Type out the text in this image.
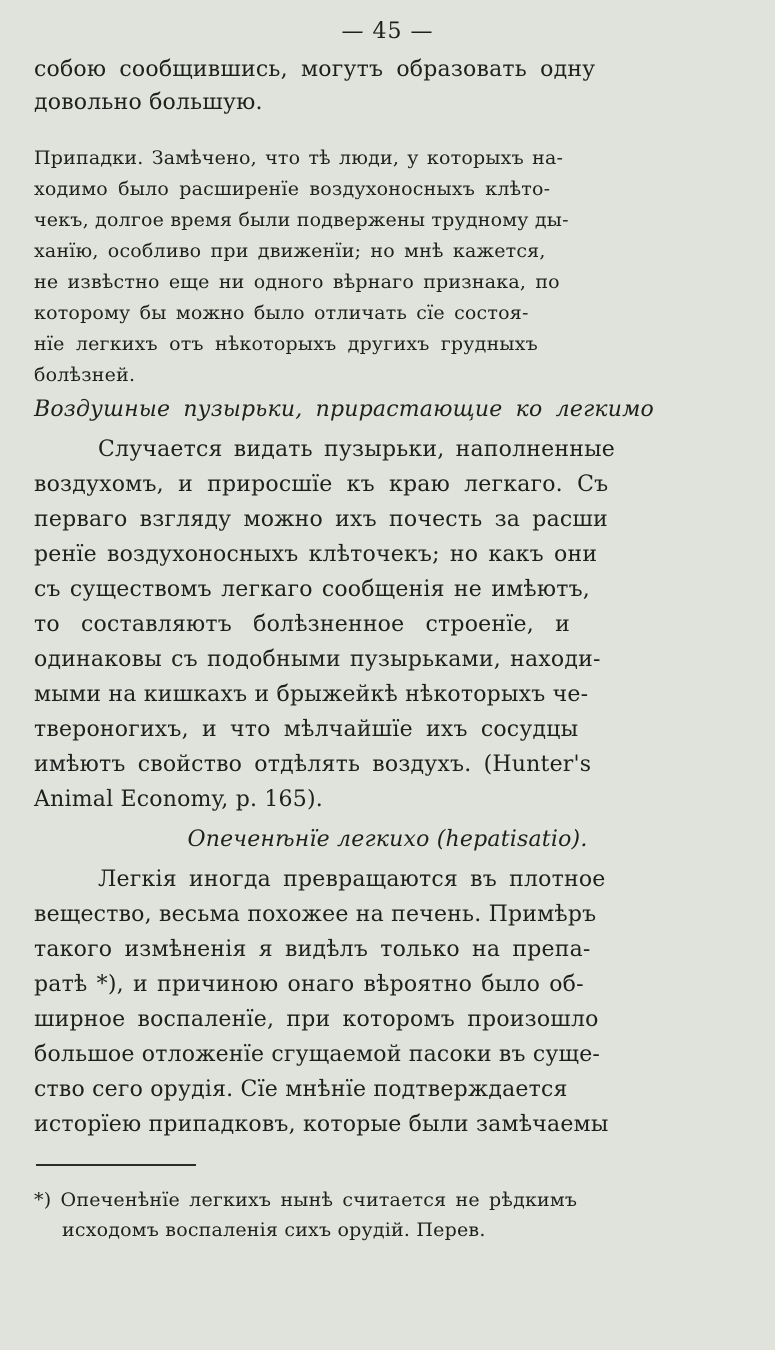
— 45 —
собою сообщившись, могутъ образовать одну
довольно большую.
Припадки. Замѣчено, что тѣ люди, у которыхъ на-
ходимо было расширенїе воздухоносныхъ клѣто-
чекъ, долгое время были подвержены трудному ды-
ханїю, особливо при движенїи; но мнѣ кажется,
не извѣстно еще ни одного вѣрнаго признака, по
которому бы можно было отличать сїе состоя-
нїе легкихъ отъ нѣкоторыхъ другихъ грудныхъ
болѣзней.
Воздушные пузырьки, прирастающие ко легкимо
Случается видать пузырьки, наполненные
воздухомъ, и приросшїе къ краю легкаго. Съ
перваго взгляду можно ихъ почесть за расши
ренїе воздухоносныхъ клѣточекъ; но какъ они
съ существомъ легкаго сообщенія не имѣютъ,
то составляютъ болѣзненное строенїе, и
одинаковы съ подобными пузырьками, находи-
мыми на кишкахъ и брыжейкѣ нѣкоторыхъ че-
твероногихъ, и что мѣлчайшїе ихъ сосудцы
имѣютъ свойство отдѣлять воздухъ. (Hunter's
Animal Economy, p. 165).
Опеченѣнїе легкихо (hepatisatio).
Легкія иногда превращаются въ плотное
вещество, весьма похожее на печень. Примѣръ
такого измѣненія я видѣлъ только на препа-
ратѣ *), и причиною онаго вѣроятно было об-
ширное воспаленїе, при которомъ произошло
большое отложенїе сгущаемой пасоки въ суще-
ство сего орудія. Сїе мнѣнїе подтверждается
исторїею припадковъ, которые были замѣчаемы
*) Опеченѣнїе легкихъ нынѣ считается не рѣдкимъ
исходомъ воспаленія сихъ орудій. Перев.
